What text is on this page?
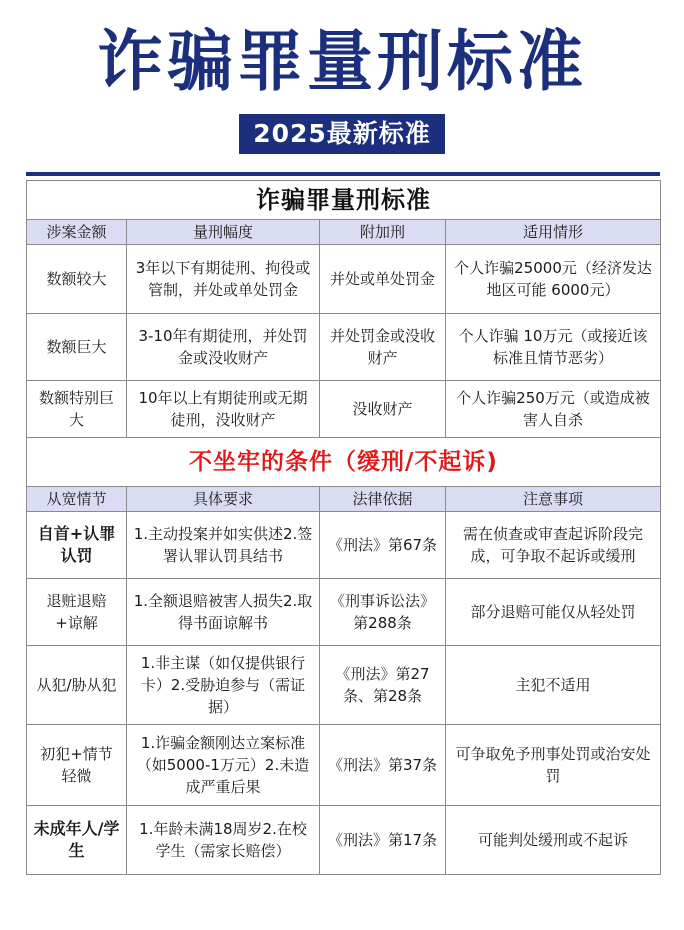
诈骗罪量刑标准
2025最新标准
诈骗罪量刑标准			
涉案金额	量刑幅度	附加刑	适用情形
数额较大	3年以下有期徒刑、拘役或管制，并处或单处罚金	并处或单处罚金	个人诈骗25000元（经济发达地区可能 6000元）
数额巨大	3-10年有期徒刑，并处罚金或没收财产	并处罚金或没收财产	个人诈骗 10万元（或接近该标准且情节恶劣）
数额特别巨大	10年以上有期徒刑或无期徒刑，没收财产	没收财产	个人诈骗250万元（或造成被害人自杀
不坐牢的条件（缓刑/不起诉)			
从宽情节	具体要求	法律依据	注意事项
自首+认罪认罚	1.主动投案并如实供述2.签署认罪认罚具结书	《刑法》第67条	需在侦查或审查起诉阶段完成，可争取不起诉或缓刑
退赃退赔+谅解	1.全额退赔被害人损失2.取得书面谅解书	《刑事诉讼法》第288条	部分退赔可能仅从轻处罚
从犯/胁从犯	1.非主谋（如仅提供银行卡）2.受胁迫参与（需证据）	《刑法》第27条、第28条	主犯不适用
初犯+情节轻微	1.诈骗金额刚达立案标准（如5000-1万元）2.未造成严重后果	《刑法》第37条	可争取免予刑事处罚或治安处罚
未成年人/学生	1.年龄未满18周岁2.在校学生（需家长赔偿）	《刑法》第17条	可能判处缓刑或不起诉
